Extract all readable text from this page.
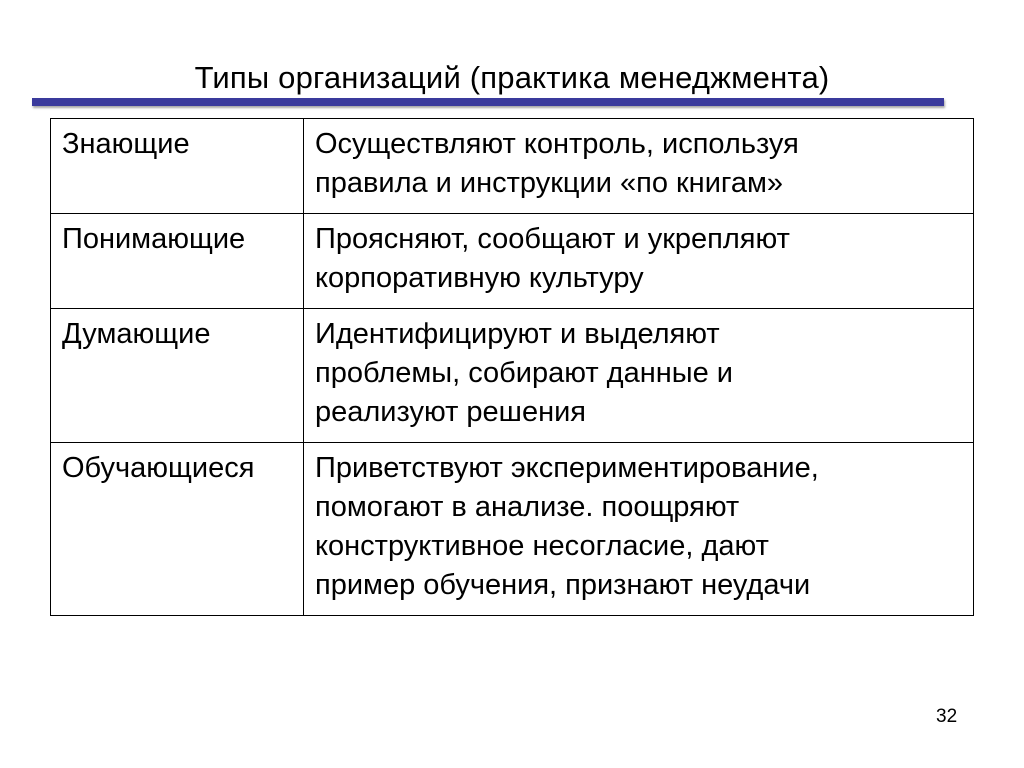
Типы организаций (практика менеджмента)
Знающие	Осуществляют контроль, используя
правила и инструкции «по книгам»
Понимающие	Проясняют, сообщают и укрепляют
корпоративную культуру
Думающие	Идентифицируют и выделяют
проблемы, собирают данные и
реализуют решения
Обучающиеся	Приветствуют экспериментирование,
помогают в анализе. поощряют
конструктивное несогласие, дают
пример обучения, признают неудачи
32
